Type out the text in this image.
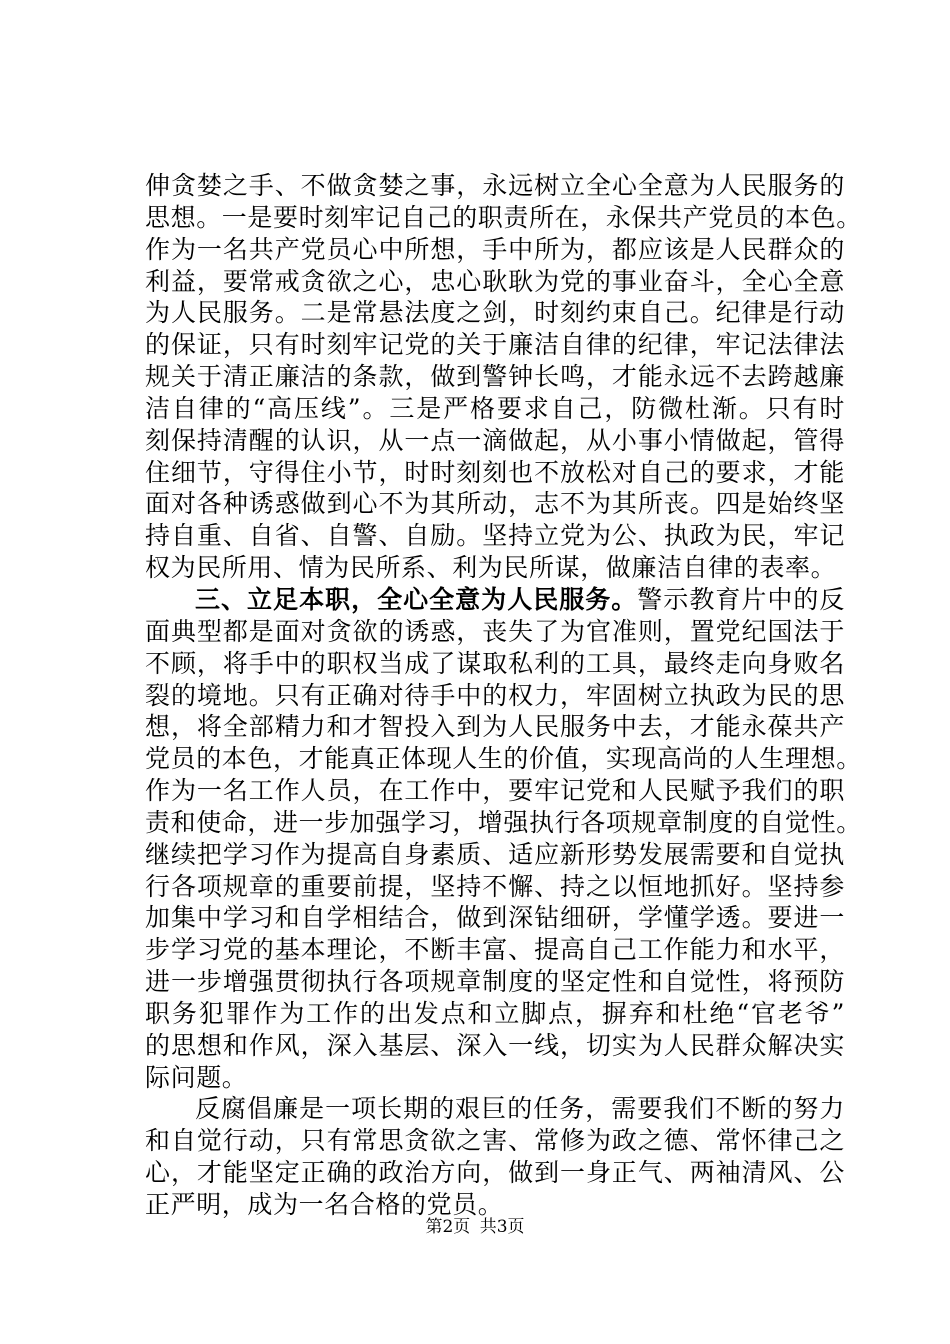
伸贪婪之手、不做贪婪之事，永远树立全心全意为人民服务的
思想。一是要时刻牢记自己的职责所在，永保共产党员的本色。
作为一名共产党员心中所想，手中所为，都应该是人民群众的
利益，要常戒贪欲之心，忠心耿耿为党的事业奋斗，全心全意
为人民服务。二是常悬法度之剑，时刻约束自己。纪律是行动
的保证，只有时刻牢记党的关于廉洁自律的纪律，牢记法律法
规关于清正廉洁的条款，做到警钟长鸣，才能永远不去跨越廉
洁自律的“高压线”。三是严格要求自己，防微杜渐。只有时
刻保持清醒的认识，从一点一滴做起，从小事小情做起，管得
住细节，守得住小节，时时刻刻也不放松对自己的要求，才能
面对各种诱惑做到心不为其所动，志不为其所丧。四是始终坚
持自重、自省、自警、自励。坚持立党为公、执政为民，牢记
权为民所用、情为民所系、利为民所谋，做廉洁自律的表率。
三、立足本职，全心全意为人民服务。警示教育片中的反
面典型都是面对贪欲的诱惑，丧失了为官准则，置党纪国法于
不顾，将手中的职权当成了谋取私利的工具，最终走向身败名
裂的境地。只有正确对待手中的权力，牢固树立执政为民的思
想，将全部精力和才智投入到为人民服务中去，才能永葆共产
党员的本色，才能真正体现人生的价值，实现高尚的人生理想。
作为一名工作人员，在工作中，要牢记党和人民赋予我们的职
责和使命，进一步加强学习，增强执行各项规章制度的自觉性。
继续把学习作为提高自身素质、适应新形势发展需要和自觉执
行各项规章的重要前提，坚持不懈、持之以恒地抓好。坚持参
加集中学习和自学相结合，做到深钻细研，学懂学透。要进一
步学习党的基本理论，不断丰富、提高自己工作能力和水平，
进一步增强贯彻执行各项规章制度的坚定性和自觉性，将预防
职务犯罪作为工作的出发点和立脚点，摒弃和杜绝“官老爷”
的思想和作风，深入基层、深入一线，切实为人民群众解决实
际问题。
反腐倡廉是一项长期的艰巨的任务，需要我们不断的努力
和自觉行动，只有常思贪欲之害、常修为政之德、常怀律己之
心，才能坚定正确的政治方向，做到一身正气、两袖清风、公
正严明，成为一名合格的党员。
第2页 共3页
